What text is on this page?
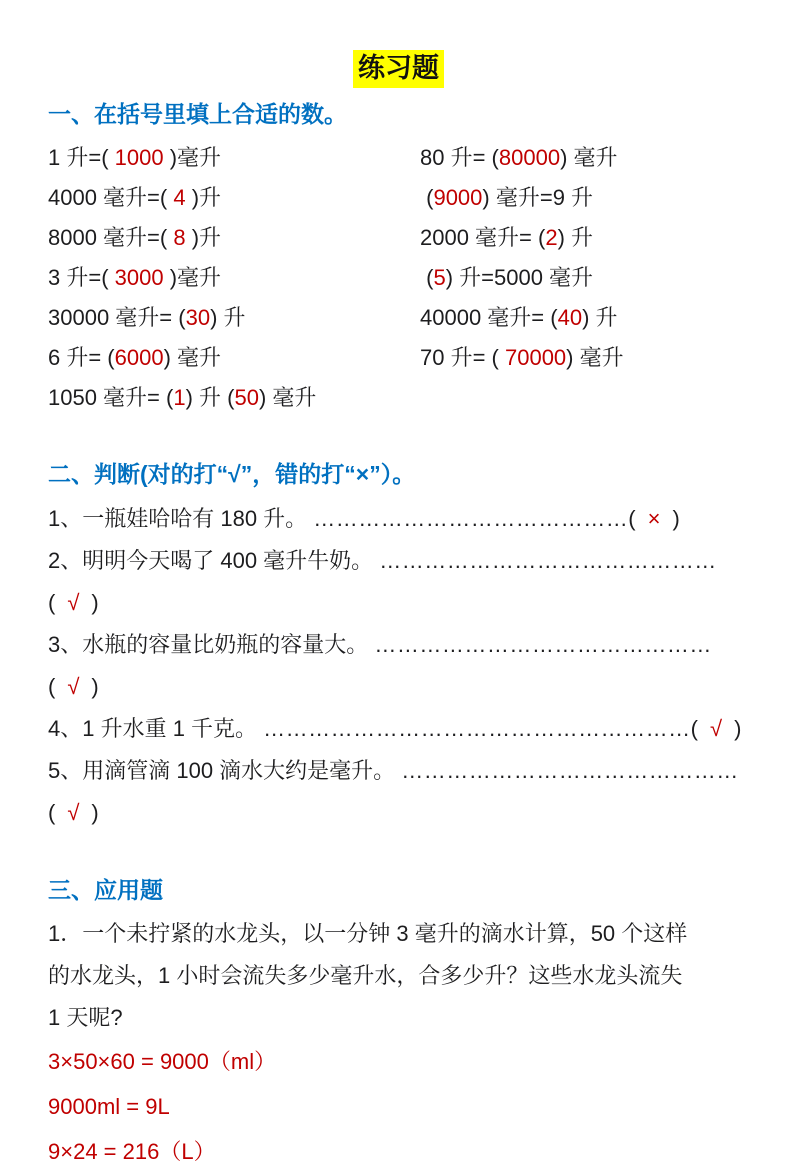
练习题
一、在括号里填上合适的数。
1 升=( 1000 )毫升	80 升= (80000) 毫升
4000 毫升=( 4 )升	(9000) 毫升=9 升
8000 毫升=( 8 )升	2000 毫升= (2) 升
3 升=( 3000 )毫升	(5) 升=5000 毫升
30000 毫升= (30) 升	40000 毫升= (40) 升
6 升= (6000) 毫升	70 升= ( 70000) 毫升
1050 毫升= (1) 升 (50) 毫升
二、判断(对的打“√”，错的打“×”）。
1、一瓶娃哈哈有 180 升。 ……………………………………( × )
2、明明今天喝了 400 毫升牛奶。 ………………………………………( √ )
3、水瓶的容量比奶瓶的容量大。 ………………………………………( √ )
4、1 升水重 1 千克。 …………………………………………………( √ )
5、用滴管滴 100 滴水大约是毫升。 ………………………………………( √ )
三、应用题
1．一个未拧紧的水龙头，以一分钟 3 毫升的滴水计算，50 个这样
的水龙头，1 小时会流失多少毫升水，合多少升？这些水龙头流失
1 天呢?
3×50×60 = 9000（ml）
9000ml = 9L
9×24 = 216（L）
